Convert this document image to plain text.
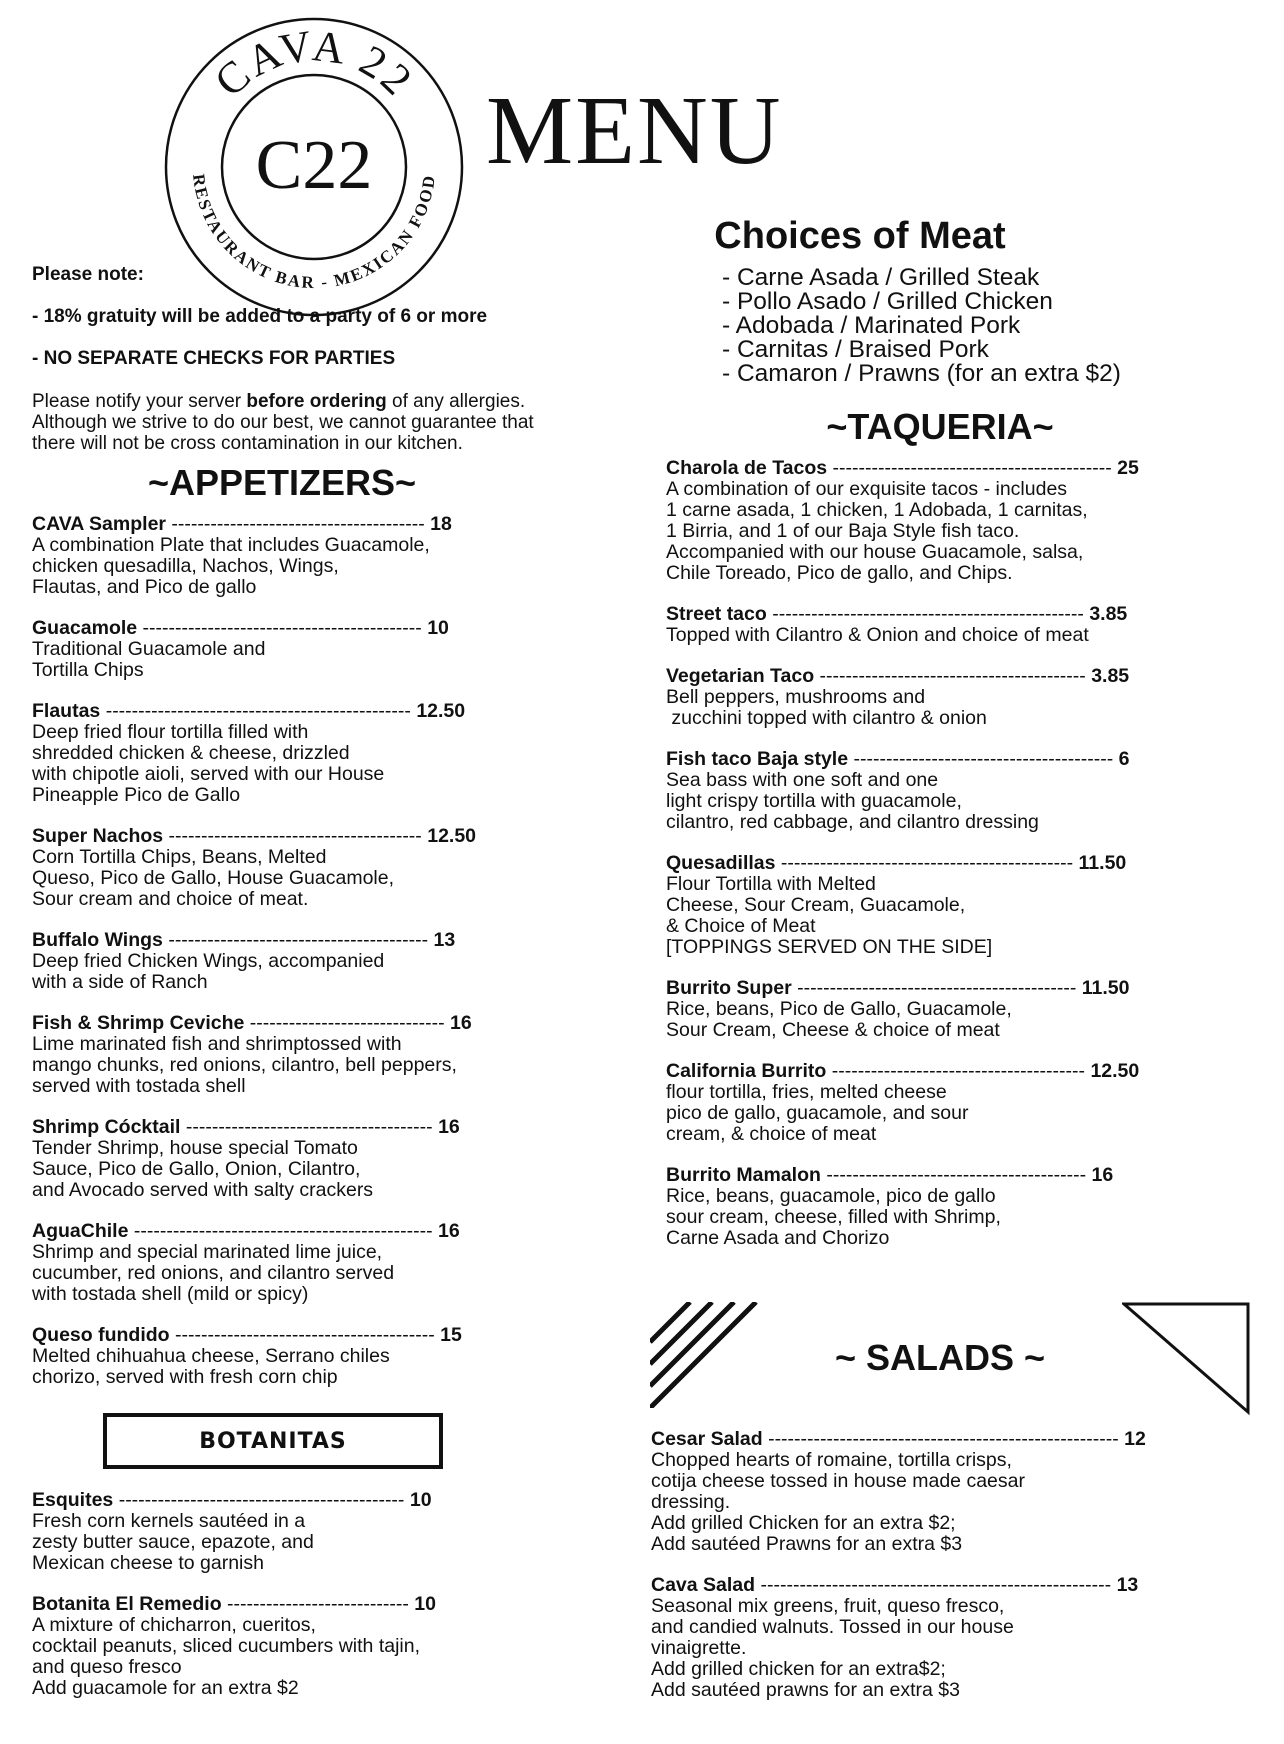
CAVA 22
C22
RESTAURANT BAR - MEXICAN FOOD MENU
Please note:
- 18% gratuity will be added to a party of 6 or more
- NO SEPARATE CHECKS FOR PARTIES
Please notify your server before ordering of any allergies.
Although we strive to do our best, we cannot guarantee that
there will not be cross contamination in our kitchen.
~APPETIZERS~
CAVA Sampler --------------------------------------- 18
A combination Plate that includes Guacamole,
chicken quesadilla, Nachos, Wings,
Flautas, and Pico de gallo
Guacamole ------------------------------------------- 10
Traditional Guacamole and
Tortilla Chips
Flautas ----------------------------------------------- 12.50
Deep fried flour tortilla filled with
shredded chicken & cheese, drizzled
with chipotle aioli, served with our House
Pineapple Pico de Gallo
Super Nachos --------------------------------------- 12.50
Corn Tortilla Chips, Beans, Melted
Queso, Pico de Gallo, House Guacamole,
Sour cream and choice of meat.
Buffalo Wings ---------------------------------------- 13
Deep fried Chicken Wings, accompanied
with a side of Ranch
Fish & Shrimp Ceviche ------------------------------ 16
Lime marinated fish and shrimptossed with
mango chunks, red onions, cilantro, bell peppers,
served with tostada shell
Shrimp Cócktail -------------------------------------- 16
Tender Shrimp, house special Tomato
Sauce, Pico de Gallo, Onion, Cilantro,
and Avocado served with salty crackers
AguaChile ---------------------------------------------- 16
Shrimp and special marinated lime juice,
cucumber, red onions, and cilantro served
with tostada shell (mild or spicy)
Queso fundido ---------------------------------------- 15
Melted chihuahua cheese, Serrano chiles
chorizo, served with fresh corn chip
BOTANITAS
Esquites -------------------------------------------- 10
Fresh corn kernels sautéed in a
zesty butter sauce, epazote, and
Mexican cheese to garnish
Botanita El Remedio ---------------------------- 10
A mixture of chicharron, cueritos,
cocktail peanuts, sliced cucumbers with tajin,
and queso fresco
Add guacamole for an extra $2
Choices of Meat
- Carne Asada / Grilled Steak
- Pollo Asado / Grilled Chicken
- Adobada / Marinated Pork
- Carnitas / Braised Pork
- Camaron / Prawns (for an extra $2)
~TAQUERIA~
Charola de Tacos ------------------------------------------- 25
A combination of our exquisite tacos - includes
1 carne asada, 1 chicken, 1 Adobada, 1 carnitas,
1 Birria, and 1 of our Baja Style fish taco.
Accompanied with our house Guacamole, salsa,
Chile Toreado, Pico de gallo, and Chips.
Street taco ------------------------------------------------ 3.85
Topped with Cilantro & Onion and choice of meat
Vegetarian Taco ----------------------------------------- 3.85
Bell peppers, mushrooms and
zucchini topped with cilantro & onion
Fish taco Baja style ---------------------------------------- 6
Sea bass with one soft and one
light crispy tortilla with guacamole,
cilantro, red cabbage, and cilantro dressing
Quesadillas --------------------------------------------- 11.50
Flour Tortilla with Melted
Cheese, Sour Cream, Guacamole,
& Choice of Meat
[TOPPINGS SERVED ON THE SIDE]
Burrito Super ------------------------------------------- 11.50
Rice, beans, Pico de Gallo, Guacamole,
Sour Cream, Cheese & choice of meat
California Burrito --------------------------------------- 12.50
flour tortilla, fries, melted cheese
pico de gallo, guacamole, and sour
cream, & choice of meat
Burrito Mamalon ---------------------------------------- 16
Rice, beans, guacamole, pico de gallo
sour cream, cheese, filled with Shrimp,
Carne Asada and Chorizo
~ SALADS ~
Cesar Salad ------------------------------------------------------ 12
Chopped hearts of romaine, tortilla crisps,
cotija cheese tossed in house made caesar
dressing.
Add grilled Chicken for an extra $2;
Add sautéed Prawns for an extra $3
Cava Salad ------------------------------------------------------ 13
Seasonal mix greens, fruit, queso fresco,
and candied walnuts. Tossed in our house
vinaigrette.
Add grilled chicken for an extra$2;
Add sautéed prawns for an extra $3
